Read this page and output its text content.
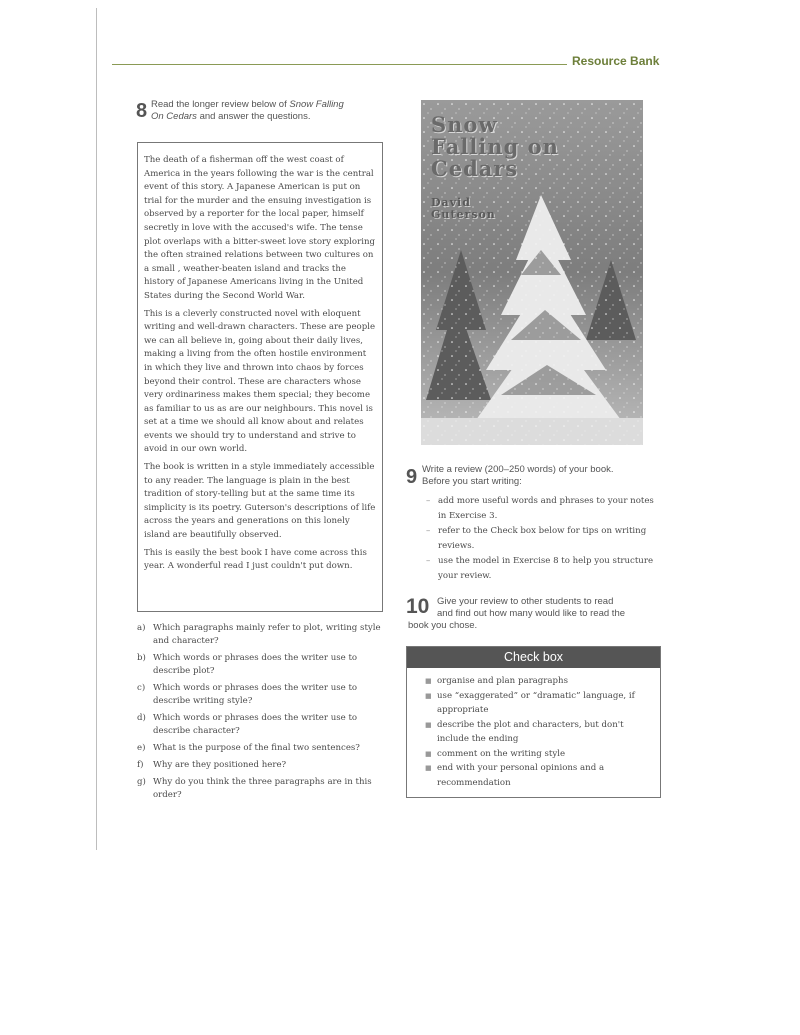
Resource Bank
8 Read the longer review below of Snow Falling
On Cedars and answer the questions.

The death of a fisherman off the west coast of America in the years following the war is the central event of this story. A Japanese American is put on trial for the murder and the ensuing investigation is observed by a reporter for the local paper, himself secretly in love with the accused's wife. The tense plot overlaps with a bitter-sweet love story exploring the often strained relations between two cultures on a small , weather-beaten island and tracks the history of Japanese Americans living in the United States during the Second World War.

This is a cleverly constructed novel with eloquent writing and well-drawn characters. These are people we can all believe in, going about their daily lives, making a living from the often hostile environment in which they live and thrown into chaos by forces beyond their control. These are characters whose very ordinariness makes them special; they become as familiar to us as are our neighbours. This novel is set at a time we should all know about and relates events we should try to understand and strive to avoid in our own world.

The book is written in a style immediately accessible to any reader. The language is plain in the best tradition of story-telling but at the same time its simplicity is its poetry. Guterson's descriptions of life across the years and generations on this lonely island are beautifully observed.

This is easily the best book I have come across this year. A wonderful read I just couldn't put down.

a) Which paragraphs mainly refer to plot, writing style and character?
b) Which words or phrases does the writer use to describe plot?
c) Which words or phrases does the writer use to describe writing style?
d) Which words or phrases does the writer use to describe character?
e) What is the purpose of the final two sentences?
f)	Why are they positioned here?
g) Why do you think the three paragraphs are in this order?
Snow
Falling on
Cedars
David
Guterson
9 Write a review (200–250 words) of your book.
Before you start writing:
– add more useful words and phrases to your notes in Exercise 3.
– refer to the Check box below for tips on writing reviews.
– use the model in Exercise 8 to help you structure your review.
10 Give your review to other students to read
and find out how many would like to read the
book you chose.
Check box
■ organise and plan paragraphs
■ use “exaggerated” or “dramatic” language, if appropriate
■ describe the plot and characters, but don't include the ending
■ comment on the writing style
■ end with your personal opinions and a recommendation
